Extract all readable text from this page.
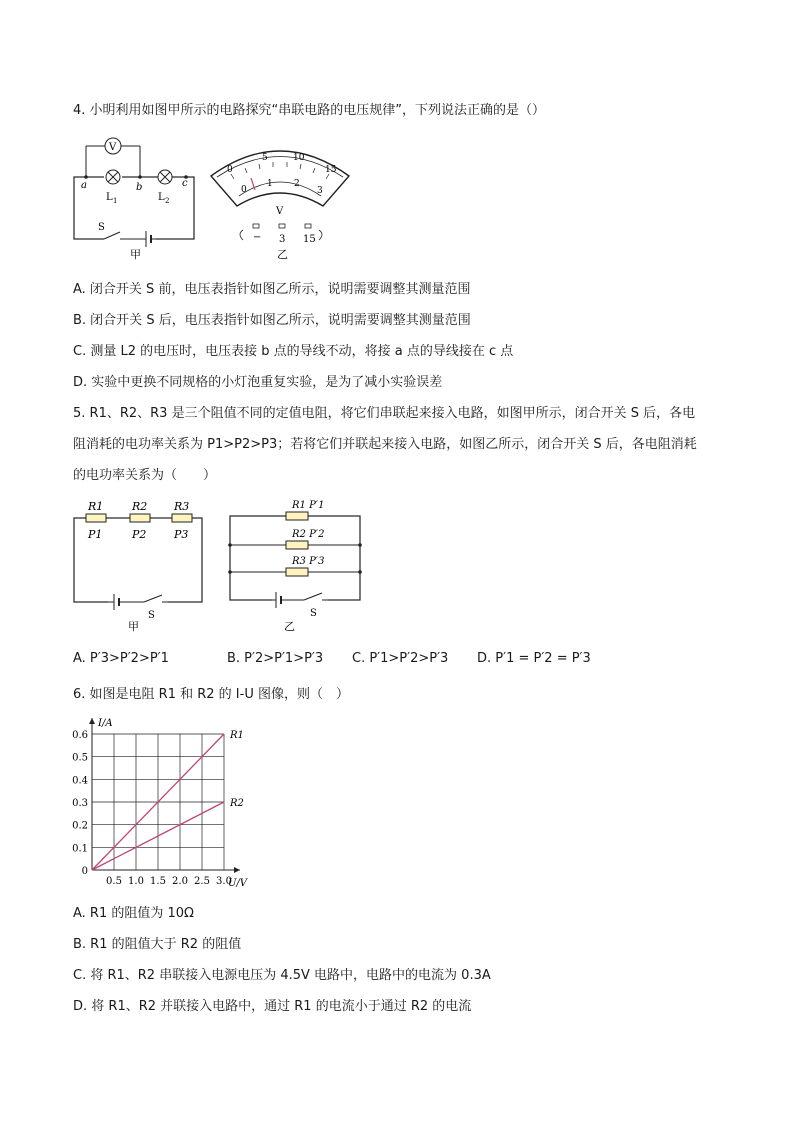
4. 小明利用如图甲所示的电路探究“串联电路的电压规律”，下列说法正确的是（）
V
a	b	c
L 1	L 2
S
甲
0
5	10
15
0
1 2
3
V
− 3 15
乙
A. 闭合开关 S 前，电压表指针如图乙所示，说明需要调整其测量范围
B. 闭合开关 S 后，电压表指针如图乙所示，说明需要调整其测量范围
C. 测量 L2 的电压时，电压表接 b 点的导线不动，将接 a 点的导线接在 c 点
D. 实验中更换不同规格的小灯泡重复实验，是为了减小实验误差
5. R1、R2、R3 是三个阻值不同的定值电阻，将它们串联起来接入电路，如图甲所示，闭合开关 S 后，各电
阻消耗的电功率关系为 P1>P2>P3；若将它们并联起来接入电路，如图乙所示，闭合开关 S 后，各电阻消耗
的电功率关系为（　　）
R1	R2 R3
P1	P2	P3
S
甲
R1 P′1
R2 P′2
R3 P′3
S
乙
A. P′3>P′2>P′1	B. P′2>P′1>P′3 C. P′1>P′2>P′3 D. P′1 = P′2 = P′3
6. 如图是电阻 R1 和 R2 的 I-U 图像，则（　）
0
0.1
0.2
0.3
0.4
0.5
0.6
0.5 1.0 1.5 2.0 2.5 3.0
I/A
U/V
R1
R2
A. R1 的阻值为 10Ω
B. R1 的阻值大于 R2 的阻值
C. 将 R1、R2 串联接入电源电压为 4.5V 电路中，电路中的电流为 0.3A
D. 将 R1、R2 并联接入电路中，通过 R1 的电流小于通过 R2 的电流
